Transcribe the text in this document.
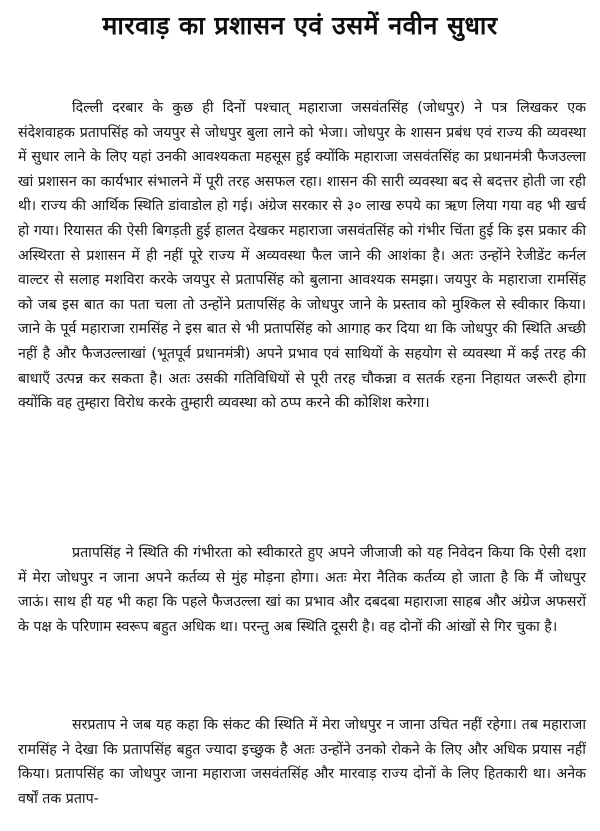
मारवाड़ का प्रशासन एवं उसमें नवीन सुधार

दिल्ली दरबार के कुछ ही दिनों पश्चात् महाराजा जसवंतसिंह (जोधपुर) ने पत्र लिखकर एक संदेशवाहक प्रतापसिंह को जयपुर से जोधपुर बुला लाने को भेजा। जोधपुर के शासन प्रबंध एवं राज्य की व्यवस्था में सुधार लाने के लिए यहां उनकी आवश्यकता महसूस हुई क्योंकि महाराजा जसवंतसिंह का प्रधानमंत्री फैजउल्ला खां प्रशासन का कार्यभार संभालने में पूरी तरह असफल रहा। शासन की सारी व्यवस्था बद से बदत्तर होती जा रही थी। राज्य की आर्थिक स्थिति डांवाडोल हो गई। अंग्रेज सरकार से ३० लाख रुपये का ऋण लिया गया वह भी खर्च हो गया। रियासत की ऐसी बिगड़ती हुई हालत देखकर महाराजा जसवंतसिंह को गंभीर चिंता हुई कि इस प्रकार की अस्थिरता से प्रशासन में ही नहीं पूरे राज्य में अव्यवस्था फैल जाने की आशंका है। अतः उन्होंने रेजीडेंट कर्नल वाल्टर से सलाह मशविरा करके जयपुर से प्रतापसिंह को बुलाना आवश्यक समझा। जयपुर के महाराजा रामसिंह को जब इस बात का पता चला तो उन्होंने प्रतापसिंह के जोधपुर जाने के प्रस्ताव को मुश्किल से स्वीकार किया। जाने के पूर्व महाराजा रामसिंह ने इस बात से भी प्रतापसिंह को आगाह कर दिया था कि जोधपुर की स्थिति अच्छी नहीं है और फैजउल्लाखां (भूतपूर्व प्रधानमंत्री) अपने प्रभाव एवं साथियों के सहयोग से व्यवस्था में कई तरह की बाधाएँ उत्पन्न कर सकता है। अतः उसकी गतिविधियों से पूरी तरह चौकन्ना व सतर्क रहना निहायत जरूरी होगा क्योंकि वह तुम्हारा विरोध करके तुम्हारी व्यवस्था को ठप्प करने की कोशिश करेगा।

प्रतापसिंह ने स्थिति की गंभीरता को स्वीकारते हुए अपने जीजाजी को यह निवेदन किया कि ऐसी दशा में मेरा जोधपुर न जाना अपने कर्तव्य से मुंह मोड़ना होगा। अतः मेरा नैतिक कर्तव्य हो जाता है कि मैं जोधपुर जाऊं। साथ ही यह भी कहा कि पहले फैजउल्ला खां का प्रभाव और दबदबा महाराजा साहब और अंग्रेज अफसरों के पक्ष के परिणाम स्वरूप बहुत अधिक था। परन्तु अब स्थिति दूसरी है। वह दोनों की आंखों से गिर चुका है।

सरप्रताप ने जब यह कहा कि संकट की स्थिति में मेरा जोधपुर न जाना उचित नहीं रहेगा। तब महाराजा रामसिंह ने देखा कि प्रतापसिंह बहुत ज्यादा इच्छुक है अतः उन्होंने उनको रोकने के लिए और अधिक प्रयास नहीं किया। प्रतापसिंह का जोधपुर जाना महाराजा जसवंतसिंह और मारवाड़ राज्य दोनों के लिए हितकारी था। अनेक वर्षों तक प्रताप-
